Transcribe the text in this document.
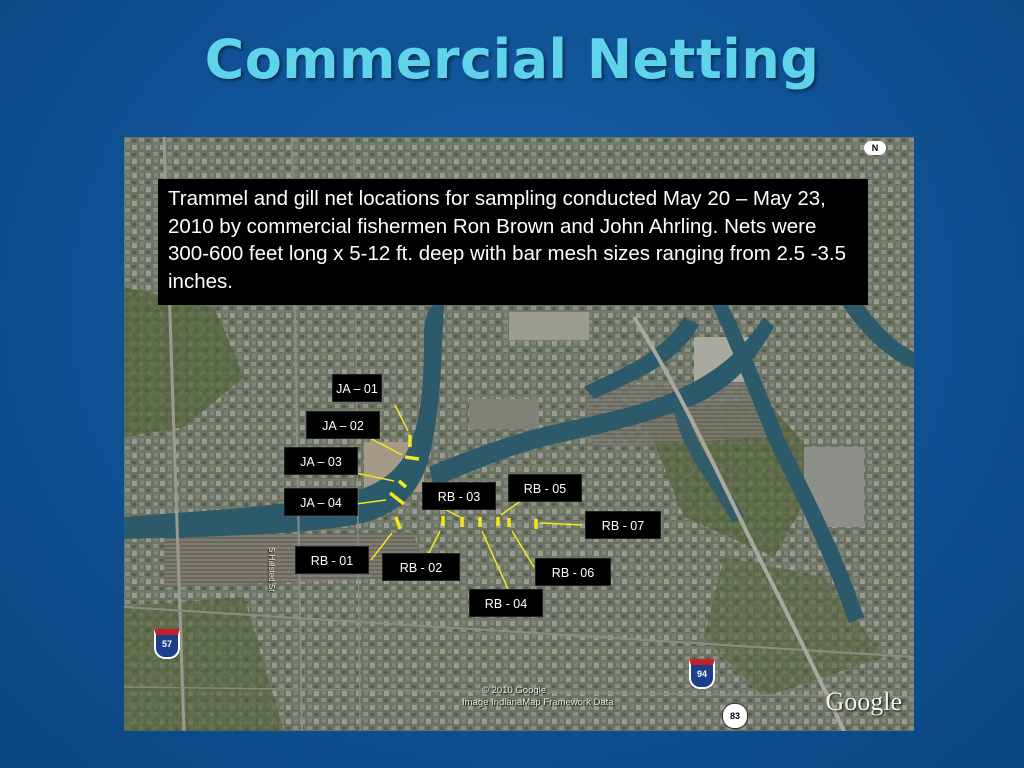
Commercial Netting
N
Trammel and gill net locations for sampling conducted May 20 – May 23, 2010 by commercial fishermen Ron Brown and John Ahrling. Nets were 300-600 feet long x 5-12 ft. deep with bar mesh sizes ranging from 2.5 -3.5 inches.
JA – 01
JA – 02
JA – 03
JA – 04
RB - 01	RB - 02
RB - 03
RB - 04
RB - 05
RB - 06
RB - 07
57
94
83
S Halsted St
© 2010 Google
Image IndianaMap Framework Data	Google
